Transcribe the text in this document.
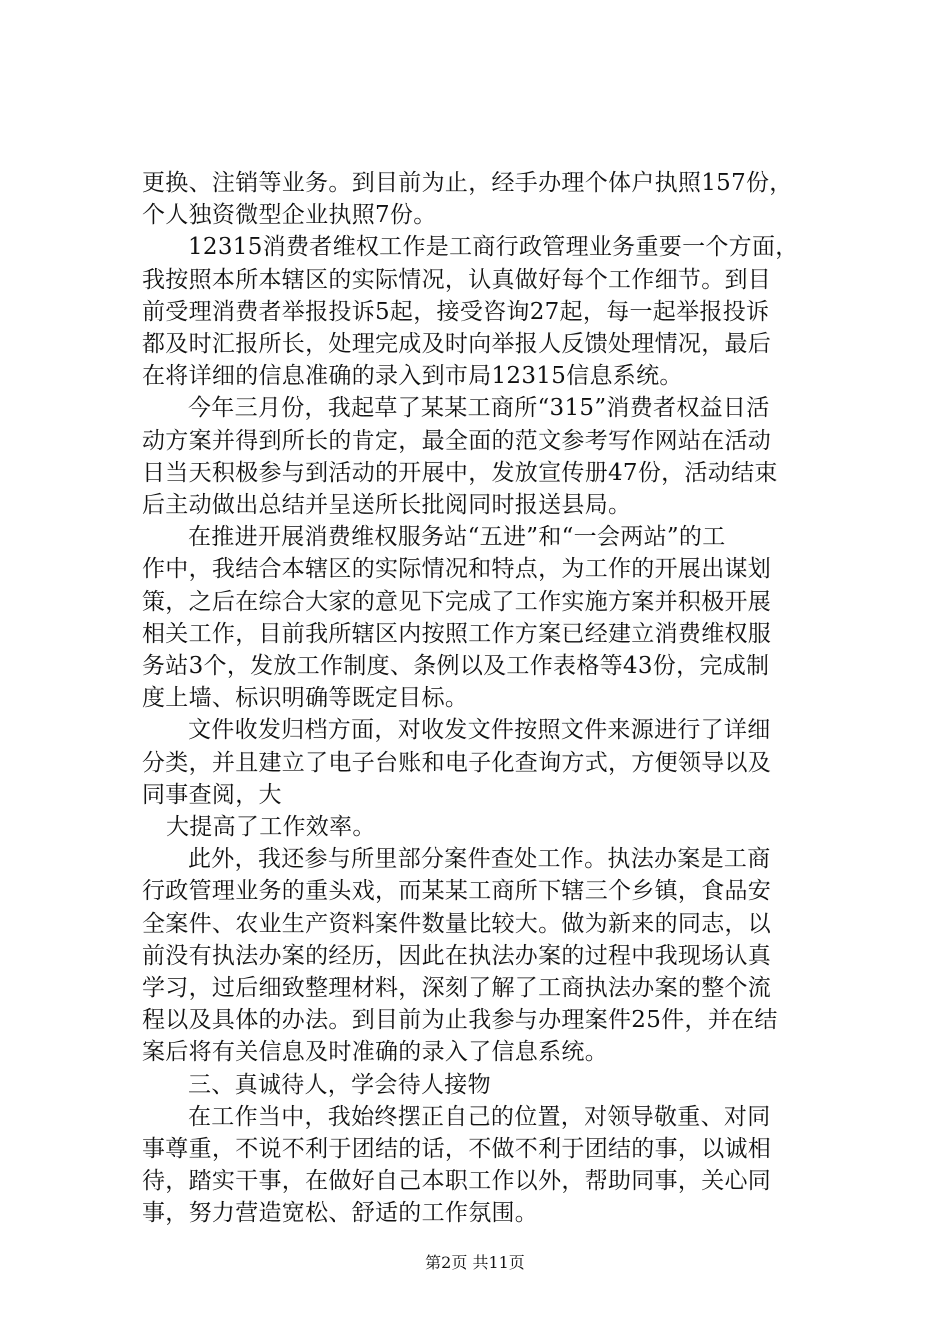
更换、注销等业务。到目前为止，经手办理个体户执照157份，
个人独资微型企业执照7份。
12315消费者维权工作是工商行政管理业务重要一个方面，
我按照本所本辖区的实际情况，认真做好每个工作细节。到目
前受理消费者举报投诉5起，接受咨询27起，每一起举报投诉
都及时汇报所长，处理完成及时向举报人反馈处理情况，最后
在将详细的信息准确的录入到市局12315信息系统。
今年三月份，我起草了某某工商所“315”消费者权益日活
动方案并得到所长的肯定，最全面的范文参考写作网站在活动
日当天积极参与到活动的开展中，发放宣传册47份，活动结束
后主动做出总结并呈送所长批阅同时报送县局。
在推进开展消费维权服务站“五进”和“一会两站”的工
作中，我结合本辖区的实际情况和特点，为工作的开展出谋划
策，之后在综合大家的意见下完成了工作实施方案并积极开展
相关工作，目前我所辖区内按照工作方案已经建立消费维权服
务站3个，发放工作制度、条例以及工作表格等43份，完成制
度上墙、标识明确等既定目标。
文件收发归档方面，对收发文件按照文件来源进行了详细
分类，并且建立了电子台账和电子化查询方式，方便领导以及
同事查阅，大
大提高了工作效率。
此外，我还参与所里部分案件查处工作。执法办案是工商
行政管理业务的重头戏，而某某工商所下辖三个乡镇，食品安
全案件、农业生产资料案件数量比较大。做为新来的同志，以
前没有执法办案的经历，因此在执法办案的过程中我现场认真
学习，过后细致整理材料，深刻了解了工商执法办案的整个流
程以及具体的办法。到目前为止我参与办理案件25件，并在结
案后将有关信息及时准确的录入了信息系统。
三、真诚待人，学会待人接物
在工作当中，我始终摆正自己的位置，对领导敬重、对同
事尊重，不说不利于团结的话，不做不利于团结的事，以诚相
待，踏实干事，在做好自己本职工作以外，帮助同事，关心同
事，努力营造宽松、舒适的工作氛围。
第2页 共11页
